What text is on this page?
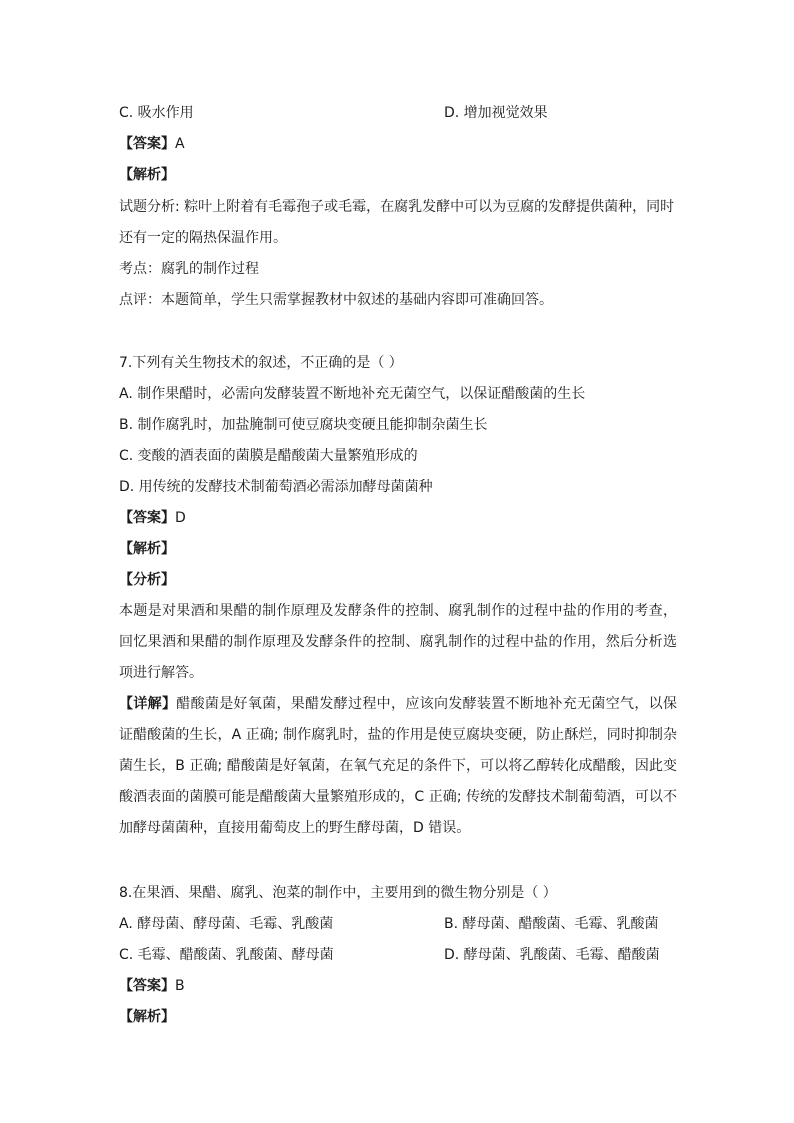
C. 吸水作用	D. 增加视觉效果
【答案】A
【解析】
试题分析: 粽叶上附着有毛霉孢子或毛霉，在腐乳发酵中可以为豆腐的发酵提供菌种，同时
还有一定的隔热保温作用。
考点：腐乳的制作过程
点评：本题简单，学生只需掌握教材中叙述的基础内容即可准确回答。
7.下列有关生物技术的叙述，不正确的是（ ）
A. 制作果醋时，必需向发酵装置不断地补充无菌空气，以保证醋酸菌的生长
B. 制作腐乳时，加盐腌制可使豆腐块变硬且能抑制杂菌生长
C. 变酸的酒表面的菌膜是醋酸菌大量繁殖形成的
D. 用传统的发酵技术制葡萄酒必需添加酵母菌菌种
【答案】D
【解析】
【分析】
本题是对果酒和果醋的制作原理及发酵条件的控制、腐乳制作的过程中盐的作用的考查，回忆果酒和果醋的制作原理及发酵条件的控制、腐乳制作的过程中盐的作用，然后分析选项进行解答。
【详解】醋酸菌是好氧菌，果醋发酵过程中，应该向发酵装置不断地补充无菌空气，以保证醋酸菌的生长，A 正确; 制作腐乳时，盐的作用是使豆腐块变硬，防止酥烂，同时抑制杂菌生长，B 正确; 醋酸菌是好氧菌，在氧气充足的条件下，可以将乙醇转化成醋酸，因此变酸酒表面的菌膜可能是醋酸菌大量繁殖形成的，C 正确; 传统的发酵技术制葡萄酒，可以不加酵母菌菌种，直接用葡萄皮上的野生酵母菌，D 错误。
8.在果酒、果醋、腐乳、泡菜的制作中，主要用到的微生物分别是（ ）
A. 酵母菌、酵母菌、毛霉、乳酸菌	B. 酵母菌、醋酸菌、毛霉、乳酸菌
C. 毛霉、醋酸菌、乳酸菌、酵母菌	D. 酵母菌、乳酸菌、毛霉、醋酸菌
【答案】B
【解析】
